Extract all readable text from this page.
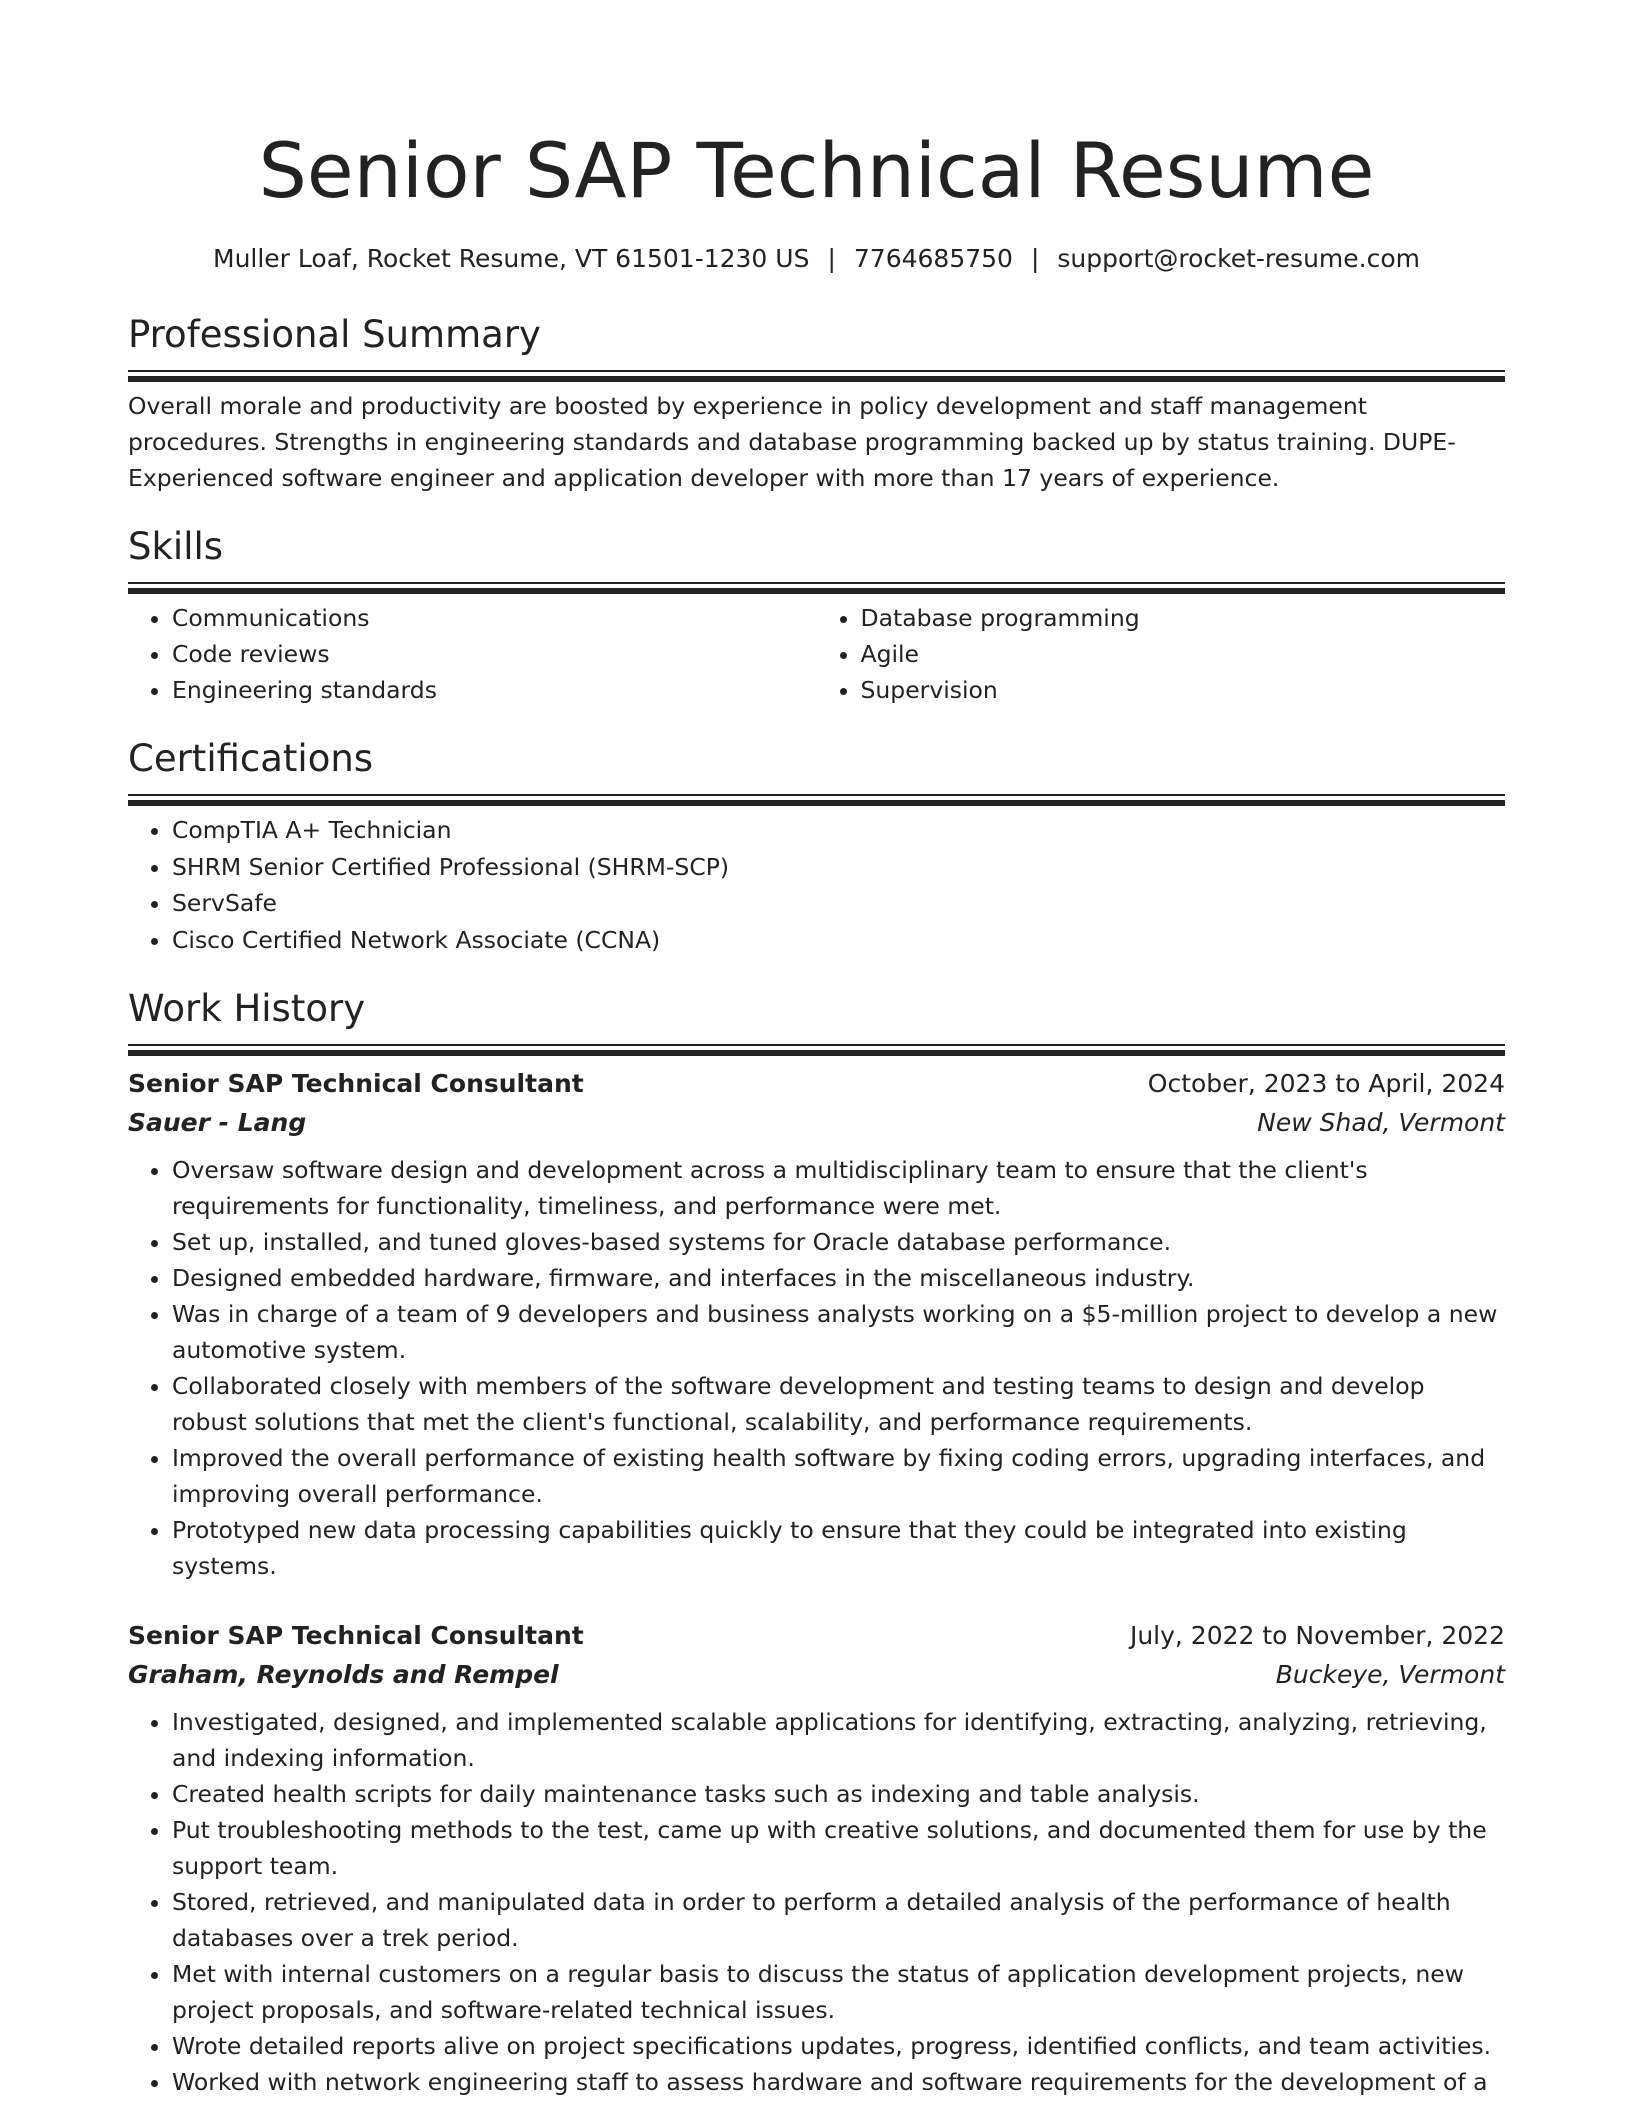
Senior SAP Technical Resume
Muller Loaf, Rocket Resume, VT 61501-1230 US | 7764685750 | support@rocket-resume.com
Professional Summary
Overall morale and productivity are boosted by experience in policy development and staff management procedures. Strengths in engineering standards and database programming backed up by status training. DUPE- Experienced software engineer and application developer with more than 17 years of experience.
Skills
• Communications
• Code reviews
• Engineering standards
• Database programming
• Agile
• Supervision
Certifications
• CompTIA A+ Technician
• SHRM Senior Certified Professional (SHRM-SCP)
• ServSafe
• Cisco Certified Network Associate (CCNA)
Work History
Senior SAP Technical Consultant	October, 2023 to April, 2024
Sauer - Lang	New Shad, Vermont
• Oversaw software design and development across a multidisciplinary team to ensure that the client's requirements for functionality, timeliness, and performance were met.
• Set up, installed, and tuned gloves-based systems for Oracle database performance.
• Designed embedded hardware, firmware, and interfaces in the miscellaneous industry.
• Was in charge of a team of 9 developers and business analysts working on a $5-million project to develop a new automotive system.
• Collaborated closely with members of the software development and testing teams to design and develop robust solutions that met the client's functional, scalability, and performance requirements.
• Improved the overall performance of existing health software by fixing coding errors, upgrading interfaces, and improving overall performance.
• Prototyped new data processing capabilities quickly to ensure that they could be integrated into existing systems.
Senior SAP Technical Consultant	July, 2022 to November, 2022
Graham, Reynolds and Rempel	Buckeye, Vermont
• Investigated, designed, and implemented scalable applications for identifying, extracting, analyzing, retrieving, and indexing information.
• Created health scripts for daily maintenance tasks such as indexing and table analysis.
• Put troubleshooting methods to the test, came up with creative solutions, and documented them for use by the support team.
• Stored, retrieved, and manipulated data in order to perform a detailed analysis of the performance of health databases over a trek period.
• Met with internal customers on a regular basis to discuss the status of application development projects, new project proposals, and software-related technical issues.
• Wrote detailed reports alive on project specifications updates, progress, identified conflicts, and team activities.
• Worked with network engineering staff to assess hardware and software requirements for the development of a
